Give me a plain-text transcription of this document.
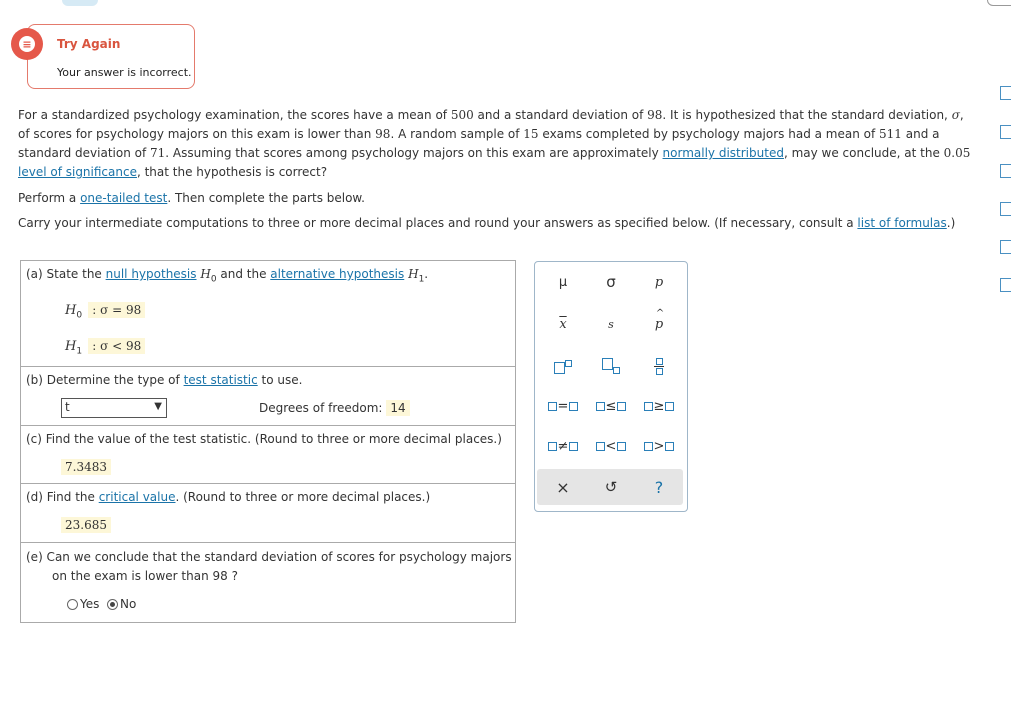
Try Again
Your answer is incorrect.
≡
For a standardized psychology examination, the scores have a mean of 500 and a standard deviation of 98. It is hypothesized that the standard deviation, σ, of scores for psychology majors on this exam is lower than 98. A random sample of 15 exams completed by psychology majors had a mean of 511 and a standard deviation of 71. Assuming that scores among psychology majors on this exam are approximately normally distributed, may we conclude, at the 0.05 level of significance, that the hypothesis is correct?
Perform a one-tailed test. Then complete the parts below.
Carry your intermediate computations to three or more decimal places and round your answers as specified below. (If necessary, consult a list of formulas.)
(a) State the null hypothesis $H_0$ and the alternative hypothesis $H_1$.
$H_0$ : σ = 98
$H_1$ : σ < 98
(b) Determine the type of test statistic to use.
t	▼	Degrees of freedom: 14
(c) Find the value of the test statistic. (Round to three or more decimal places.)
7.3483
(d) Find the critical value. (Round to three or more decimal places.)
23.685
(e) Can we conclude that the standard deviation of scores for psychology majors
on the exam is lower than 98 ?
Yes No
μ	σ	p
$\overline{x}$	s
^
p
=	≤	≥
≠	<	>
×	↺	?
